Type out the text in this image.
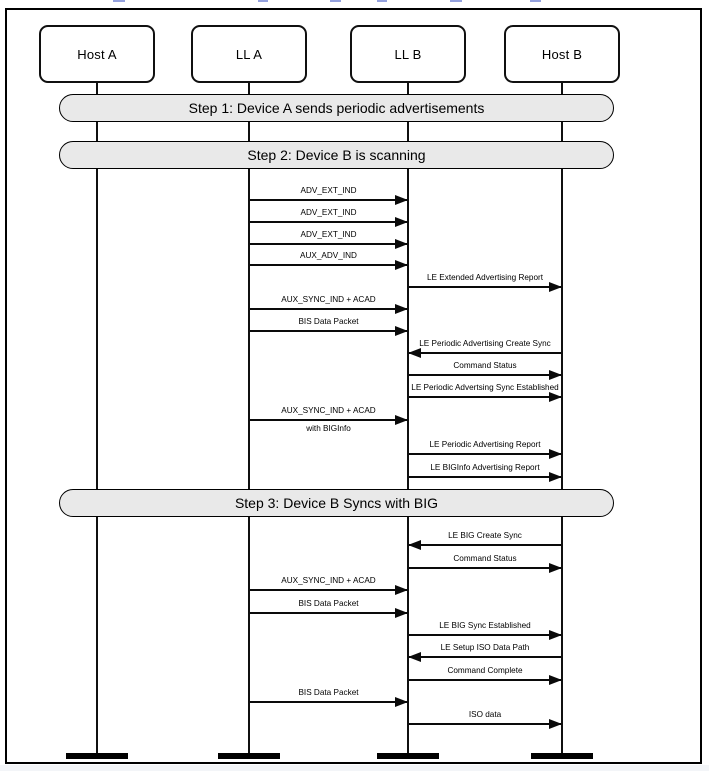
Host A	LL A	LL B	Host B
Step 1: Device A sends periodic advertisements
Step 2: Device B is scanning
Step 3: Device B Syncs with BIG
ADV_EXT_IND
ADV_EXT_IND
ADV_EXT_IND
AUX_ADV_IND
LE Extended Advertising Report
AUX_SYNC_IND + ACAD
BIS Data Packet
LE Periodic Advertising Create Sync
Command Status
LE Periodic Advertsing Sync Established
AUX_SYNC_IND + ACAD
with BIGInfo
LE Periodic Advertising Report
LE BIGInfo Advertising Report
LE BIG Create Sync
Command Status
AUX_SYNC_IND + ACAD
BIS Data Packet
LE BIG Sync Established
LE Setup ISO Data Path
Command Complete
BIS Data Packet
ISO data
